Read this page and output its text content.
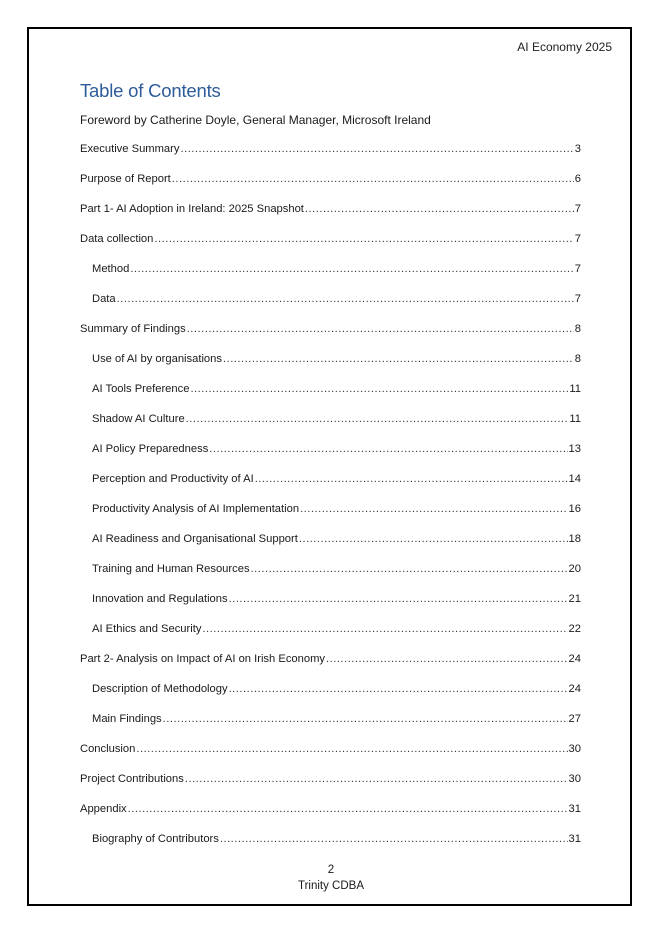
AI Economy 2025
Table of Contents
Foreword by Catherine Doyle, General Manager, Microsoft Ireland
Executive Summary .....	3
Purpose of Report .....	6
Part 1- AI Adoption in Ireland: 2025 Snapshot .....	7
Data collection .....	7
Method .....	7
Data .....	7
Summary of Findings .....	8
Use of AI by organisations .....	8
AI Tools Preference .....	11
Shadow AI Culture .....	11
AI Policy Preparedness .....	13
Perception and Productivity of AI .....	14
Productivity Analysis of AI Implementation .....	16
AI Readiness and Organisational Support .....	18
Training and Human Resources .....	20
Innovation and Regulations .....	21
AI Ethics and Security .....	22
Part 2- Analysis on Impact of AI on Irish Economy .....	24
Description of Methodology .....	24
Main Findings .....	27
Conclusion .....	30
Project Contributions .....	30
Appendix .....	31
Biography of Contributors .....	31
2
Trinity CDBA
